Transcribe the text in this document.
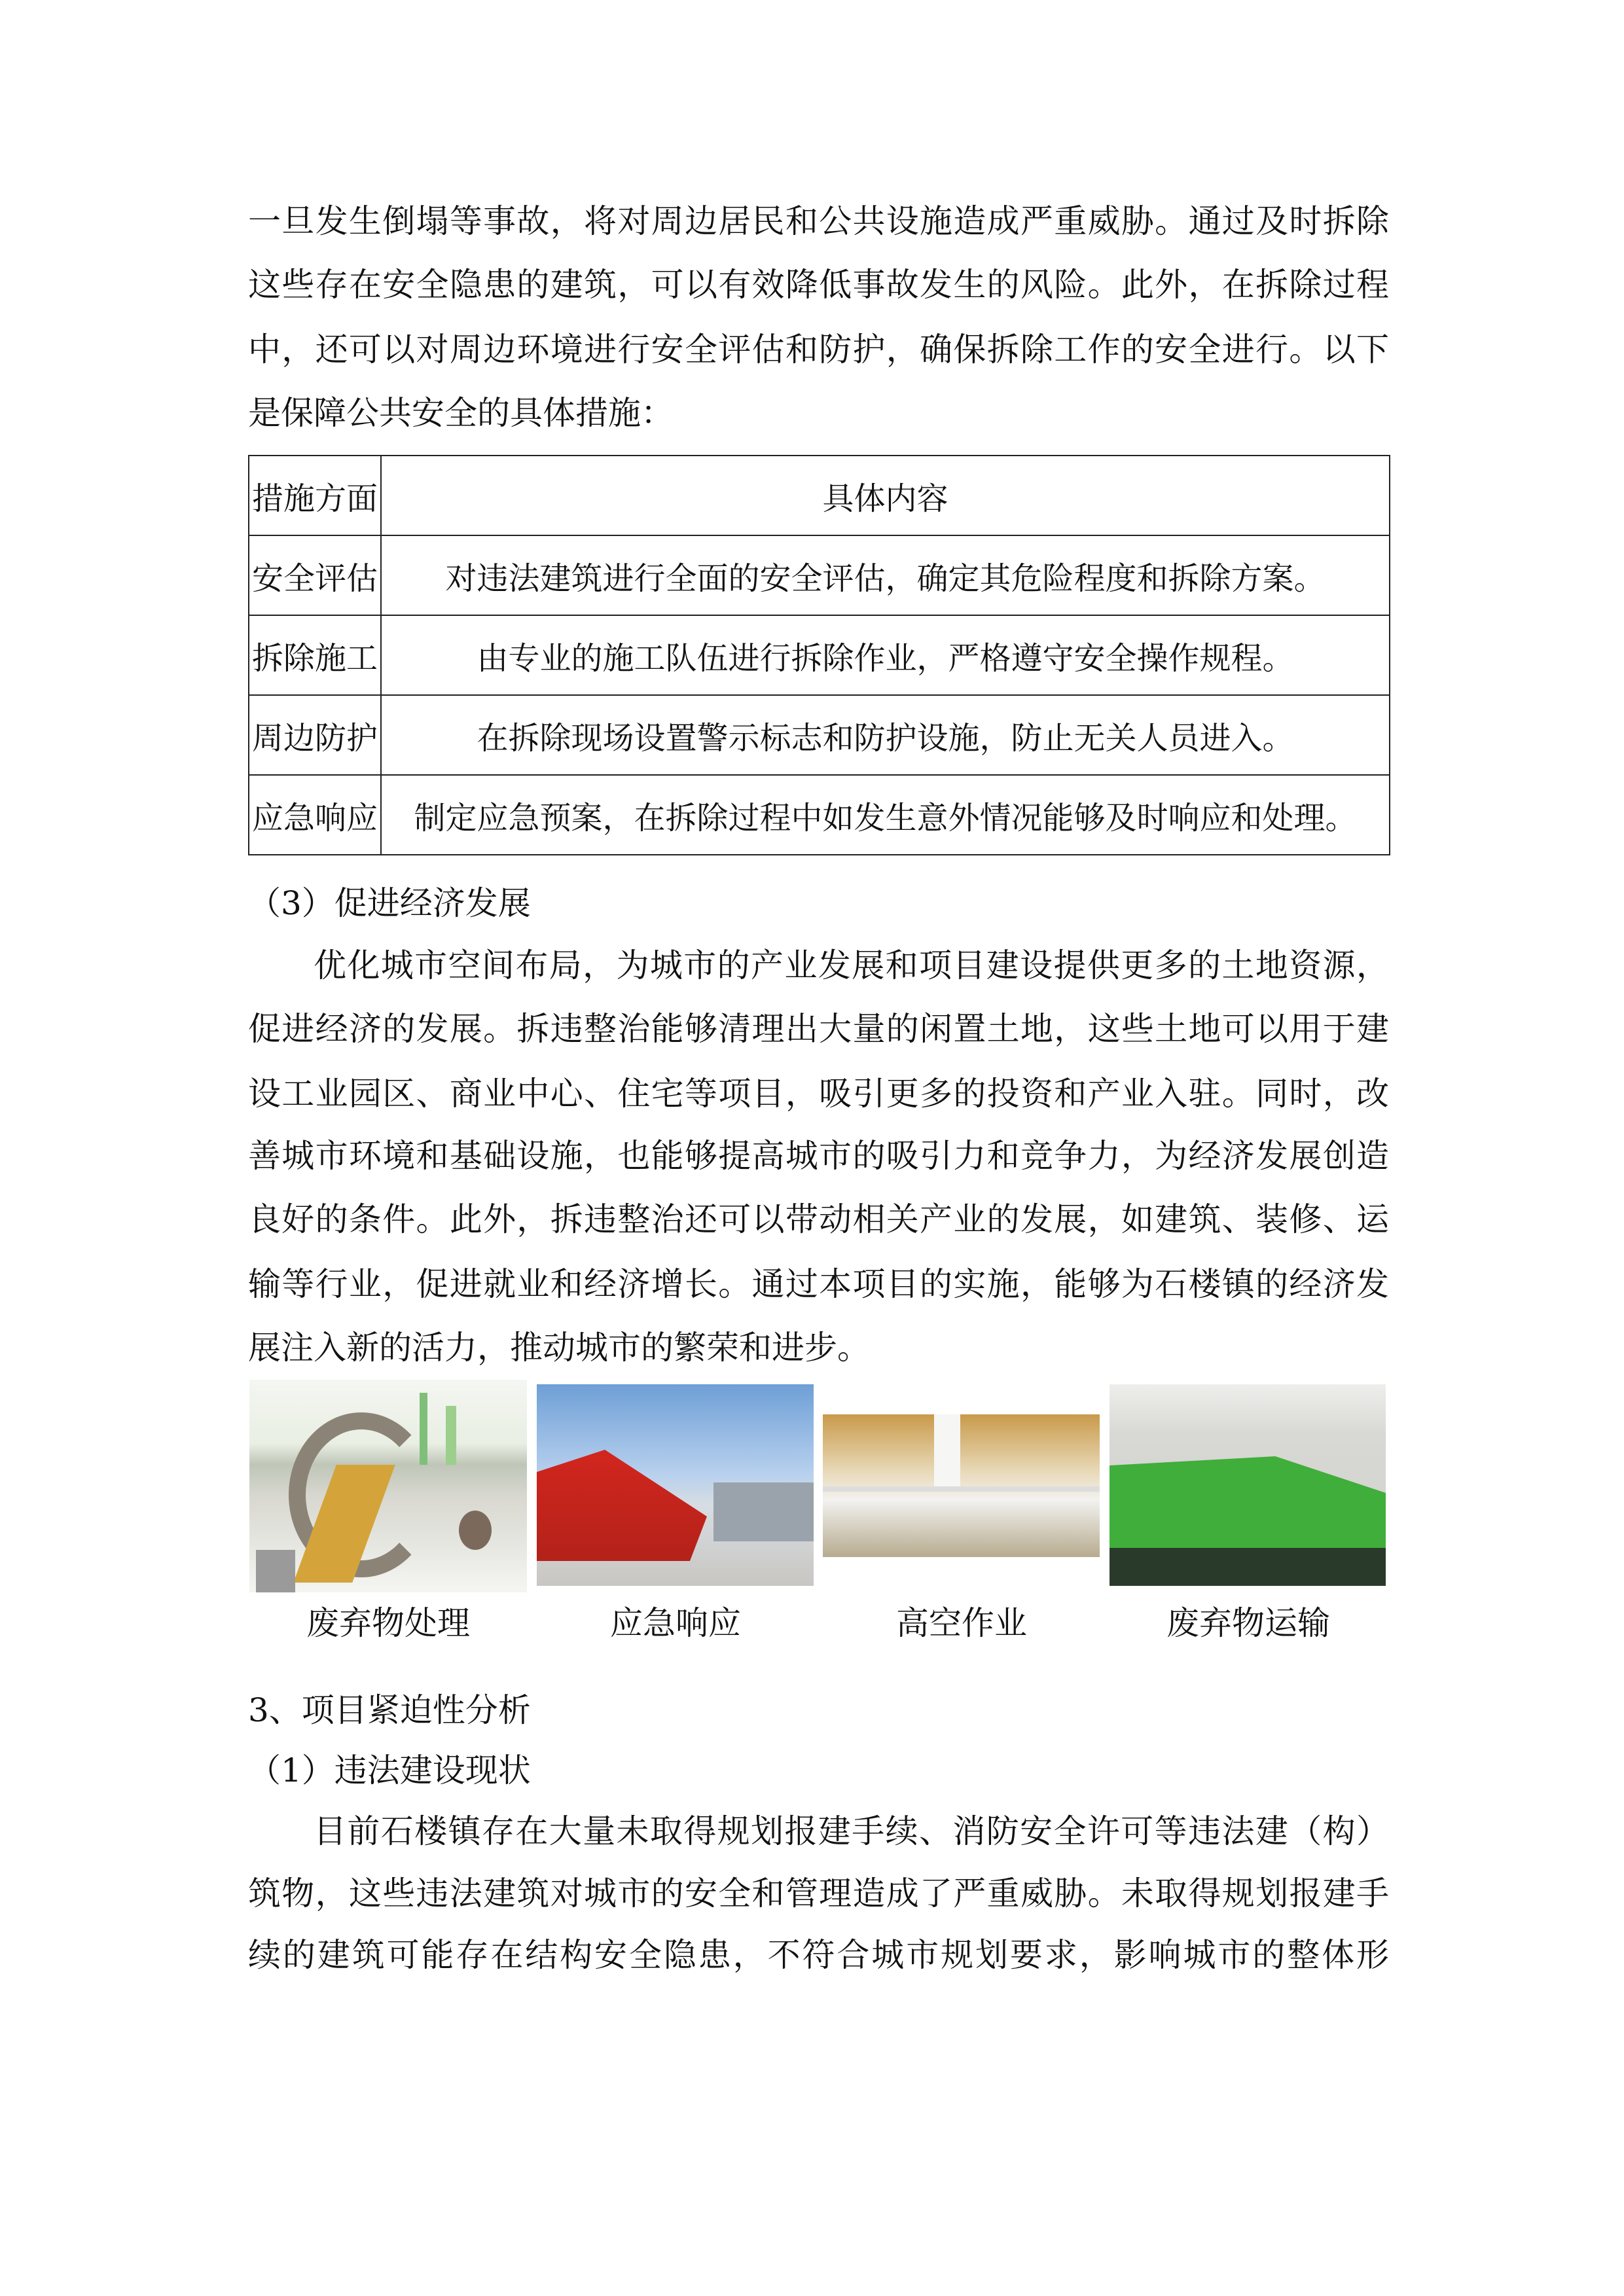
一旦发生倒塌等事故，将对周边居民和公共设施造成严重威胁。通过及时拆除
这些存在安全隐患的建筑，可以有效降低事故发生的风险。此外，在拆除过程
中，还可以对周边环境进行安全评估和防护，确保拆除工作的安全进行。以下
是保障公共安全的具体措施：
措施方面	具体内容
安全评估	对违法建筑进行全面的安全评估，确定其危险程度和拆除方案。
拆除施工	由专业的施工队伍进行拆除作业，严格遵守安全操作规程。
周边防护	在拆除现场设置警示标志和防护设施，防止无关人员进入。
应急响应	制定应急预案，在拆除过程中如发生意外情况能够及时响应和处理。
（3）促进经济发展
优化城市空间布局，为城市的产业发展和项目建设提供更多的土地资源，
促进经济的发展。拆违整治能够清理出大量的闲置土地，这些土地可以用于建
设工业园区、商业中心、住宅等项目，吸引更多的投资和产业入驻。同时，改
善城市环境和基础设施，也能够提高城市的吸引力和竞争力，为经济发展创造
良好的条件。此外，拆违整治还可以带动相关产业的发展，如建筑、装修、运
输等行业，促进就业和经济增长。通过本项目的实施，能够为石楼镇的经济发
展注入新的活力，推动城市的繁荣和进步。
废弃物处理	应急响应	高空作业	废弃物运输
3、项目紧迫性分析
（1）违法建设现状
目前石楼镇存在大量未取得规划报建手续、消防安全许可等违法建（构）
筑物，这些违法建筑对城市的安全和管理造成了严重威胁。未取得规划报建手
续的建筑可能存在结构安全隐患，不符合城市规划要求，影响城市的整体形
